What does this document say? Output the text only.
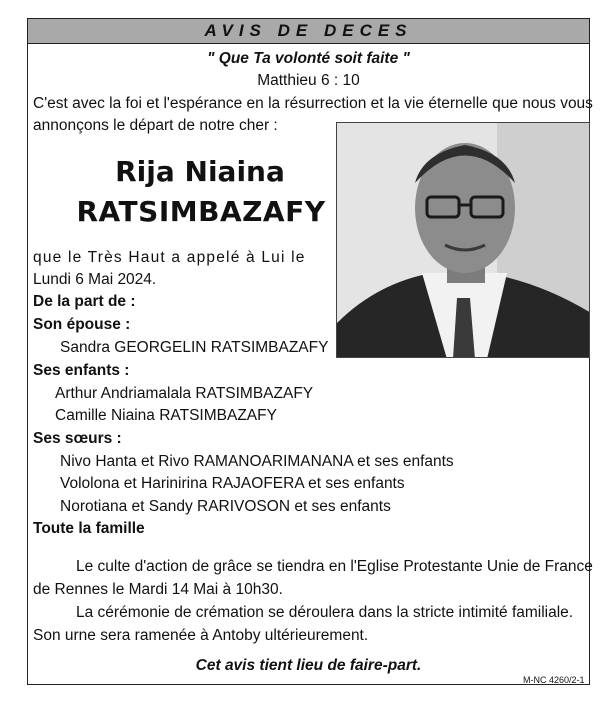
AVIS DE DECES
" Que Ta volonté soit faite "
Matthieu 6 : 10
C'est avec la foi et l'espérance en la résurrection et la vie éternelle que nous vous
annonçons le départ de notre cher :
Rija Niaina
RATSIMBAZAFY
que le Très Haut a appelé à Lui le
Lundi 6 Mai 2024.
De la part de :
Son épouse :
Sandra GEORGELIN RATSIMBAZAFY
Ses enfants :
Arthur Andriamalala RATSIMBAZAFY
Camille Niaina RATSIMBAZAFY
Ses sœurs :
Nivo Hanta et Rivo RAMANOARIMANANA et ses enfants
Vololona et Harinirina RAJAOFERA et ses enfants
Norotiana et Sandy RARIVOSON et ses enfants
Toute la famille
Le culte d'action de grâce se tiendra en l'Eglise Protestante Unie de France
de Rennes le Mardi 14 Mai à 10h30.
La cérémonie de crémation se déroulera dans la stricte intimité familiale.
Son urne sera ramenée à Antoby ultérieurement.
Cet avis tient lieu de faire-part.
M-NC 4260/2-1
